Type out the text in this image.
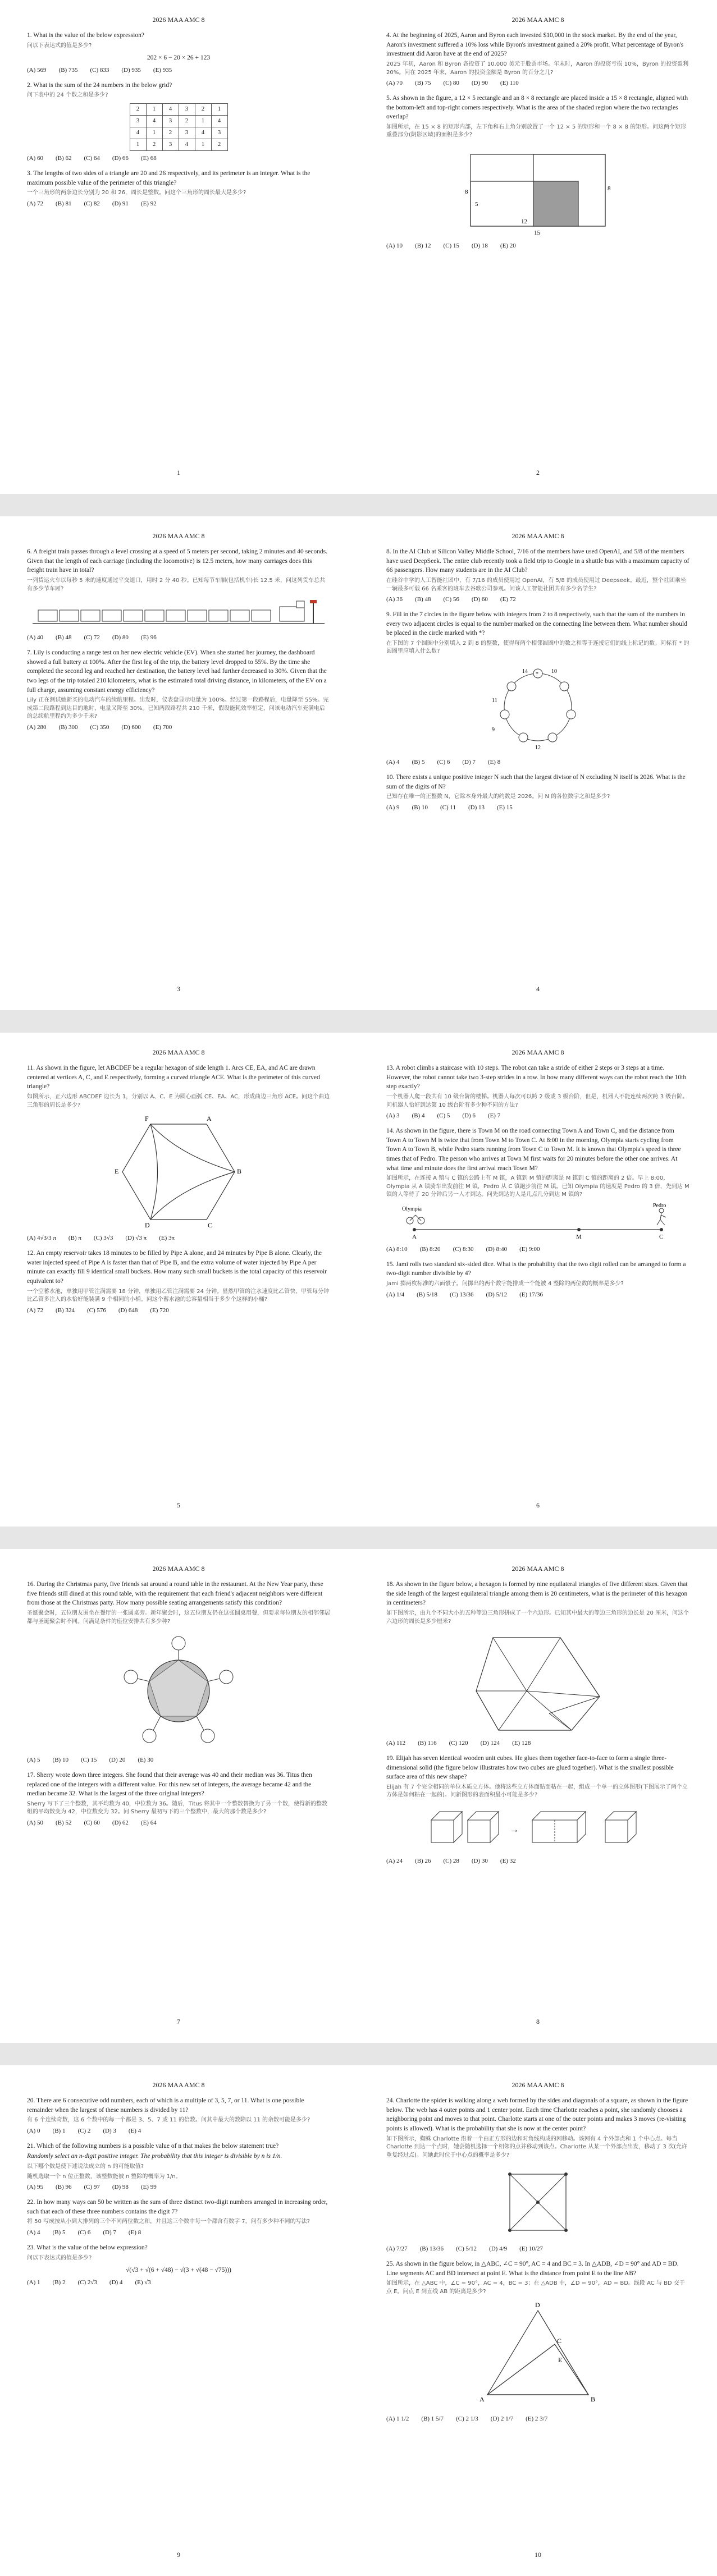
2026 MAA AMC 8
1. What is the value of the below expression?
问以下表达式的值是多少?
202 × 6 − 20 × 26 + 123
(A) 569 (B) 735 (C) 833 (D) 935 (E) 935
2. What is the sum of the 24 numbers in the below grid?
问下表中的 24 个数之和是多少?
2	1	4	3	2	1
3	4	3	2	1	4
4	1	2	3	4	3
1	2	3	4	1	2
(A) 60 (B) 62 (C) 64 (D) 66 (E) 68
3. The lengths of two sides of a triangle are 20 and 26 respectively, and its perimeter is an integer. What is the maximum possible value of the perimeter of this triangle?
一个三角形的两条边长分别为 20 和 26，周长是整数。问这个三角形的周长最大是多少?
(A) 72 (B) 81 (C) 82 (D) 91 (E) 92
1
2026 MAA AMC 8
4. At the beginning of 2025, Aaron and Byron each invested $10,000 in the stock market. By the end of the year, Aaron's investment suffered a 10% loss while Byron's investment gained a 20% profit. What percentage of Byron's investment did Aaron have at the end of 2025?
2025 年初，Aaron 和 Byron 各投资了 10,000 美元于股票市场。年末时，Aaron 的投资亏损 10%，Byron 的投资盈利 20%。问在 2025 年末，Aaron 的投资金额是 Byron 的百分之几?
(A) 70 (B) 75 (C) 80 (D) 90 (E) 110
5. As shown in the figure, a 12 × 5 rectangle and an 8 × 8 rectangle are placed inside a 15 × 8 rectangle, aligned with the bottom-left and top-right corners respectively. What is the area of the shaded region where the two rectangles overlap?
如图所示，在 15 × 8 的矩形内部，左下角和右上角分别放置了一个 12 × 5 的矩形和一个 8 × 8 的矩形。问这两个矩形重叠部分(阴影区域)的面积是多少?
8
5
12
15
8
(A) 10 (B) 12 (C) 15 (D) 18 (E) 20
2
2026 MAA AMC 8
6. A freight train passes through a level crossing at a speed of 5 meters per second, taking 2 minutes and 40 seconds. Given that the length of each carriage (including the locomotive) is 12.5 meters, how many carriages does this freight train have in total?
一列货运火车以每秒 5 米的速度通过平交道口，用时 2 分 40 秒。已知每节车厢(包括机车)长 12.5 米，问这列货车总共有多少节车厢?
(A) 40 (B) 48 (C) 72 (D) 80 (E) 96
7. Lily is conducting a range test on her new electric vehicle (EV). When she started her journey, the dashboard showed a full battery at 100%. After the first leg of the trip, the battery level dropped to 55%. By the time she completed the second leg and reached her destination, the battery level had further decreased to 30%. Given that the two legs of the trip totaled 210 kilometers, what is the estimated total driving distance, in kilometers, of the EV on a full charge, assuming constant energy efficiency?
Lily 正在测试她新买的电动汽车的续航里程。出发时，仪表盘显示电量为 100%。经过第一段路程后，电量降至 55%。完成第二段路程到达目的地时，电量又降至 30%。已知两段路程共 210 千米，假设能耗效率恒定，问该电动汽车充满电后的总续航里程约为多少千米?
(A) 280 (B) 300 (C) 350 (D) 600 (E) 700
3
2026 MAA AMC 8
8. In the AI Club at Silicon Valley Middle School, 7/16 of the members have used OpenAI, and 5/8 of the members have used DeepSeek. The entire club recently took a field trip to Google in a shuttle bus with a maximum capacity of 66 passengers. How many students are in the AI Club?
在硅谷中学的人工智能社团中，有 7/16 的成员使用过 OpenAI，有 5/8 的成员使用过 Deepseek。最近，整个社团乘坐一辆最多可载 66 名乘客的班车去谷歌公司参观。问该人工智能社团共有多少名学生?
(A) 36 (B) 48 (C) 56 (D) 60 (E) 72
9. Fill in the 7 circles in the figure below with integers from 2 to 8 respectively, such that the sum of the numbers in every two adjacent circles is equal to the number marked on the connecting line between them. What number should be placed in the circle marked with *?
在下图的 7 个圆圈中分别填入 2 到 8 的整数，使得每两个相邻圆圈中的数之和等于连接它们的线上标记的数。问标有 * 的圆圈里应填入什么数?
14	10
11
9
12
*
(A) 4 (B) 5 (C) 6 (D) 7 (E) 8
10. There exists a unique positive integer N such that the largest divisor of N excluding N itself is 2026. What is the sum of the digits of N?
已知存在唯一的正整数 N，它除本身外最大的约数是 2026。问 N 的各位数字之和是多少?
(A) 9 (B) 10 (C) 11 (D) 13 (E) 15
4
2026 MAA AMC 8
11. As shown in the figure, let ABCDEF be a regular hexagon of side length 1. Arcs CE, EA, and AC are drawn centered at vertices A, C, and E respectively, forming a curved triangle ACE. What is the perimeter of this curved triangle?
如图所示，正六边形 ABCDEF 边长为 1，分别以 A、C、E 为圆心画弧 CE、EA、AC，形成曲边三角形 ACE。问这个曲边三角形的周长是多少?
A
B
C
D
E
F
(A) 4√3/3 π (B) π (C) 3√3 (D) √3 π (E) 3π
12. An empty reservoir takes 18 minutes to be filled by Pipe A alone, and 24 minutes by Pipe B alone. Clearly, the water injected speed of Pipe A is faster than that of Pipe B, and the extra volume of water injected by Pipe A per minute can exactly fill 9 identical small buckets. How many such small buckets is the total capacity of this reservoir equivalent to?
一个空蓄水池，单独用甲管注满需要 18 分钟，单独用乙管注满需要 24 分钟。显然甲管的注水速度比乙管快，甲管每分钟比乙管多注入的水恰好能装满 9 个相同的小桶。问这个蓄水池的总容量相当于多少个这样的小桶?
(A) 72 (B) 324 (C) 576 (D) 648 (E) 720
5
2026 MAA AMC 8
13. A robot climbs a staircase with 10 steps. The robot can take a stride of either 2 steps or 3 steps at a time. However, the robot cannot take two 3-step strides in a row. In how many different ways can the robot reach the 10th step exactly?
一个机器人爬一段共有 10 级台阶的楼梯。机器人每次可以跨 2 级或 3 级台阶，但是，机器人不能连续两次跨 3 级台阶。问机器人恰好到达第 10 级台阶有多少种不同的方法?
(A) 3 (B) 4 (C) 5 (D) 6 (E) 7
14. As shown in the figure, there is Town M on the road connecting Town A and Town C, and the distance from Town A to Town M is twice that from Town M to Town C. At 8:00 in the morning, Olympia starts cycling from Town A to Town B, while Pedro starts running from Town C to Town M. It is known that Olympia's speed is three times that of Pedro. The person who arrives at Town M first waits for 20 minutes before the other one arrives. At what time and minute does the first arrival reach Town M?
如图所示，在连接 A 镇与 C 镇的公路上有 M 镇，A 镇到 M 镇的距离是 M 镇到 C 镇的距离的 2 倍。早上 8:00，Olympia 从 A 镇骑车出发前往 M 镇，Pedro 从 C 镇跑步前往 M 镇。已知 Olympia 的速度是 Pedro 的 3 倍，先到达 M 镇的人等待了 20 分钟后另一人才到达。问先到达的人是几点几分到达 M 镇的?
Olympia
Pedro
A	M	C
(A) 8:10 (B) 8:20 (C) 8:30 (D) 8:40 (E) 9:00
15. Jami rolls two standard six-sided dice. What is the probability that the two digit rolled can be arranged to form a two-digit number divisible by 4?
Jami 掷两枚标准的六面骰子。问掷出的两个数字能排成一个能被 4 整除的两位数的概率是多少?
(A) 1/4 (B) 5/18 (C) 13/36 (D) 5/12 (E) 17/36
6
2026 MAA AMC 8
16. During the Christmas party, five friends sat around a round table in the restaurant. At the New Year party, these five friends still dined at this round table, with the requirement that each friend's adjacent neighbors were different from those at the Christmas party. How many possible seating arrangements satisfy this condition?
圣诞聚会时，五位朋友围坐在餐厅的一张圆桌旁。新年聚会时，这五位朋友仍在这张圆桌用餐，但要求每位朋友的相邻邻居都与圣诞聚会时不同。问满足条件的座位安排共有多少种?
(A) 5 (B) 10 (C) 15 (D) 20 (E) 30
17. Sherry wrote down three integers. She found that their average was 40 and their median was 36. Titus then replaced one of the integers with a different value. For this new set of integers, the average became 42 and the median became 32. What is the largest of the three original integers?
Sherry 写下了三个整数，其平均数为 40，中位数为 36。随后，Titus 将其中一个整数替换为了另一个数，使得新的整数组的平均数变为 42，中位数变为 32。问 Sherry 最初写下的三个整数中，最大的那个数是多少?
(A) 50 (B) 52 (C) 60 (D) 62 (E) 64
7
2026 MAA AMC 8
18. As shown in the figure below, a hexagon is formed by nine equilateral triangles of five different sizes. Given that the side length of the largest equilateral triangle among them is 20 centimeters, what is the perimeter of this hexagon in centimeters?
如下图所示，由九个不同大小的五种等边三角形拼成了一个六边形。已知其中最大的等边三角形的边长是 20 厘米，问这个六边形的周长是多少厘米?
(A) 112 (B) 116 (C) 120 (D) 124 (E) 128
19. Elijah has seven identical wooden unit cubes. He glues them together face-to-face to form a single three-dimensional solid (the figure below illustrates how two cubes are glued together). What is the smallest possible surface area of this new shape?
Elijah 有 7 个完全相同的单位木质立方体。他将这些立方体面贴面粘在一起，组成一个单一的立体图形(下图展示了两个立方体是如何粘在一起的)。问新图形的表面积最小可能是多少?
→
(A) 24 (B) 26 (C) 28 (D) 30 (E) 32
8
2026 MAA AMC 8
20. There are 6 consecutive odd numbers, each of which is a multiple of 3, 5, 7, or 11. What is one possible remainder when the largest of these numbers is divided by 11?
有 6 个连续奇数，这 6 个数中的每一个都是 3、5、7 或 11 的倍数。问其中最大的数除以 11 的余数可能是多少?
(A) 0 (B) 1 (C) 2 (D) 3 (E) 4
21. Which of the following numbers is a possible value of n that makes the below statement true?
Randomly select an n-digit positive integer. The probability that this integer is divisible by n is 1/n.
以下哪个数是使下述说法成立的 n 的可能取值?
随机选取一个 n 位正整数，该整数能被 n 整除的概率为 1/n。
(A) 95 (B) 96 (C) 97 (D) 98 (E) 99
22. In how many ways can 50 be written as the sum of three distinct two-digit numbers arranged in increasing order, such that each of these three numbers contains the digit 7?
将 50 写成按从小到大排列的三个不同两位数之和，并且这三个数中每一个都含有数字 7，问有多少种不同的写法?
(A) 4 (B) 5 (C) 6 (D) 7 (E) 8
23. What is the value of the below expression?
问以下表达式的值是多少?
√(√3 + √(6 + √48) − √(3 + √(48 − √75)))
(A) 1 (B) 2 (C) 2√3 (D) 4 (E) √3
9
2026 MAA AMC 8
24. Charlotte the spider is walking along a web formed by the sides and diagonals of a square, as shown in the figure below. The web has 4 outer points and 1 center point. Each time Charlotte reaches a point, she randomly chooses a neighboring point and moves to that point. Charlotte starts at one of the outer points and makes 3 moves (re-visiting points is allowed). What is the probability that she is now at the center point?
如下图所示，蜘蛛 Charlotte 沿着一个由正方形的边和对角线构成的网移动。该网有 4 个外部点和 1 个中心点。每当 Charlotte 到达一个点时，她会随机选择一个相邻的点并移动到该点。Charlotte 从某一个外部点出发，移动了 3 次(允许重复经过点)。问她此时位于中心点的概率是多少?
(A) 7/27 (B) 13/36 (C) 5/12 (D) 4/9 (E) 10/27
25. As shown in the figure below, in △ABC, ∠C = 90°, AC = 4 and BC = 3. In △ADB, ∠D = 90° and AD = BD. Line segments AC and BD intersect at point E. What is the distance from point E to the line AB?
如图所示，在 △ABC 中，∠C = 90°，AC = 4，BC = 3；在 △ADB 中，∠D = 90°，AD = BD。线段 AC 与 BD 交于点 E。问点 E 到直线 AB 的距离是多少?
A	B
C
D
E
(A) 1 1/2 (B) 1 5/7 (C) 2 1/3 (D) 2 1/7 (E) 2 3/7
10
